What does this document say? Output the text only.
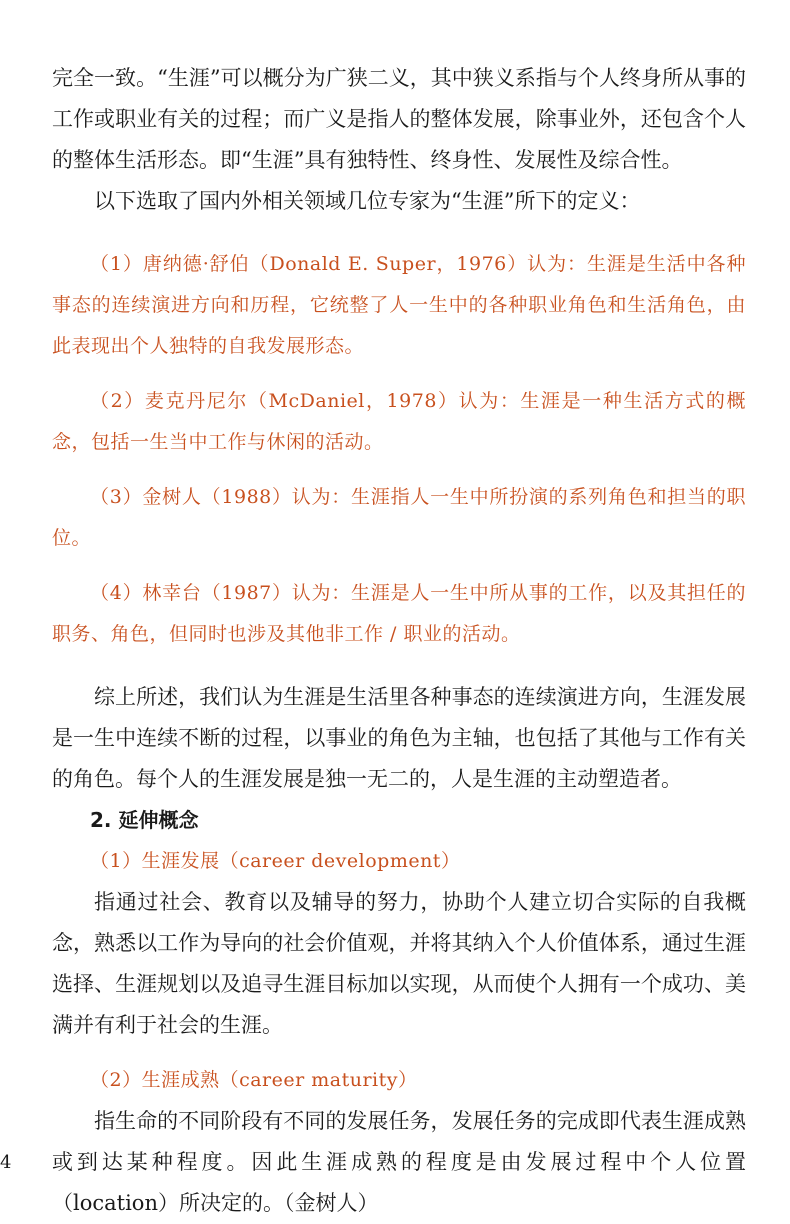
完全一致。“生涯”可以概分为广狭二义，其中狭义系指与个人终身所从事的工作或职业有关的过程；而广义是指人的整体发展，除事业外，还包含个人的整体生活形态。即“生涯”具有独特性、终身性、发展性及综合性。

以下选取了国内外相关领域几位专家为“生涯”所下的定义：

（1）唐纳德·舒伯（Donald E. Super，1976）认为：生涯是生活中各种事态的连续演进方向和历程，它统整了人一生中的各种职业角色和生活角色，由此表现出个人独特的自我发展形态。

（2）麦克丹尼尔（McDaniel，1978）认为：生涯是一种生活方式的概念，包括一生当中工作与休闲的活动。

（3）金树人（1988）认为：生涯指人一生中所扮演的系列角色和担当的职位。

（4）林幸台（1987）认为：生涯是人一生中所从事的工作，以及其担任的职务、角色，但同时也涉及其他非工作 / 职业的活动。

综上所述，我们认为生涯是生活里各种事态的连续演进方向，生涯发展是一生中连续不断的过程，以事业的角色为主轴，也包括了其他与工作有关的角色。每个人的生涯发展是独一无二的，人是生涯的主动塑造者。

2. 延伸概念

（1）生涯发展（career development）

指通过社会、教育以及辅导的努力，协助个人建立切合实际的自我概念，熟悉以工作为导向的社会价值观，并将其纳入个人价值体系，通过生涯选择、生涯规划以及追寻生涯目标加以实现，从而使个人拥有一个成功、美满并有利于社会的生涯。

（2）生涯成熟（career maturity）

指生命的不同阶段有不同的发展任务，发展任务的完成即代表生涯成熟或到达某种程度。因此生涯成熟的程度是由发展过程中个人位置（location）所决定的。（金树人）

4
